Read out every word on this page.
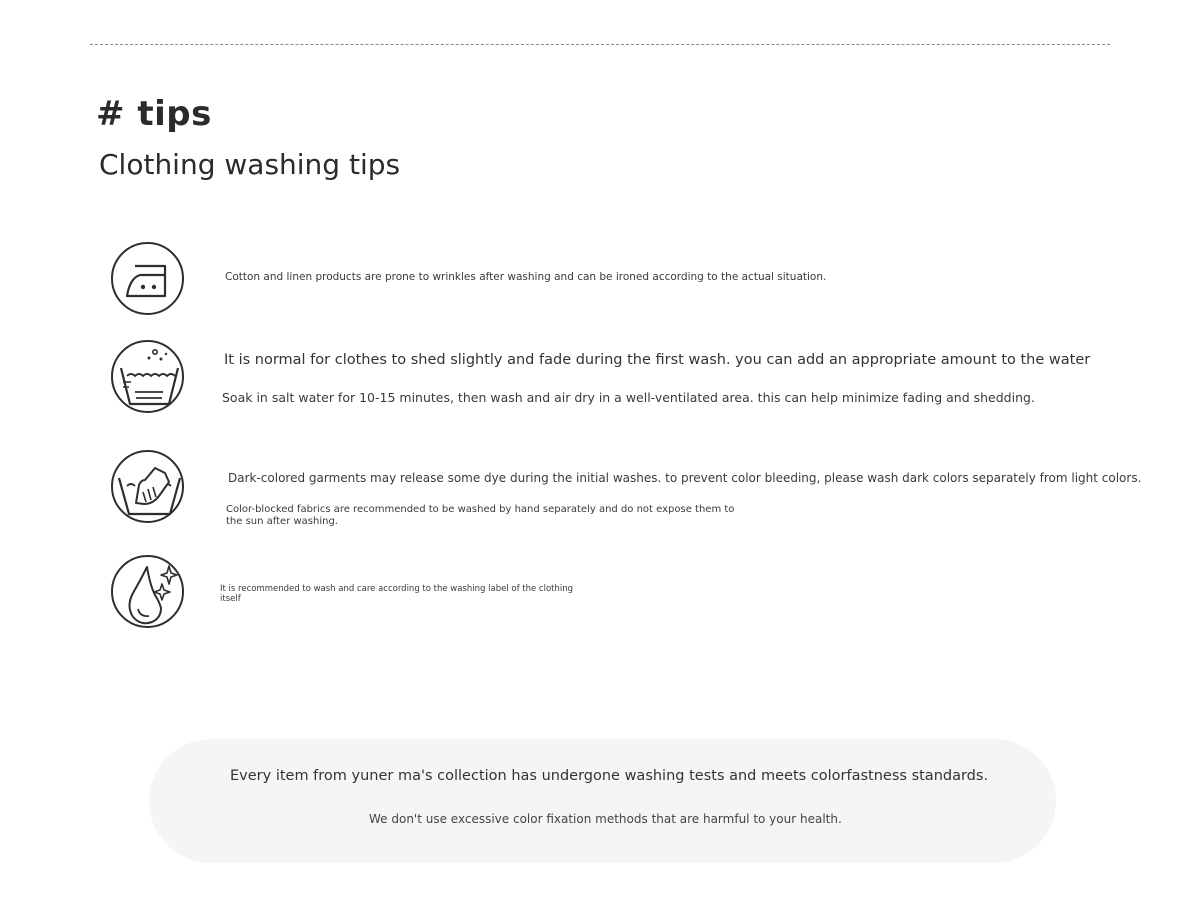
# tips
Clothing washing tips

Cotton and linen products are prone to wrinkles after washing and can be ironed according to the actual situation.

It is normal for clothes to shed slightly and fade during the first wash. you can add an appropriate amount to the water

Soak in salt water for 10-15 minutes, then wash and air dry in a well-ventilated area. this can help minimize fading and shedding.

Dark-colored garments may release some dye during the initial washes. to prevent color bleeding, please wash dark colors separately from light colors.

Color-blocked fabrics are recommended to be washed by hand separately and do not expose them to the sun after washing.

It is recommended to wash and care according to the washing label of the clothing itself

Every item from yuner ma's collection has undergone washing tests and meets colorfastness standards.

We don't use excessive color fixation methods that are harmful to your health.
